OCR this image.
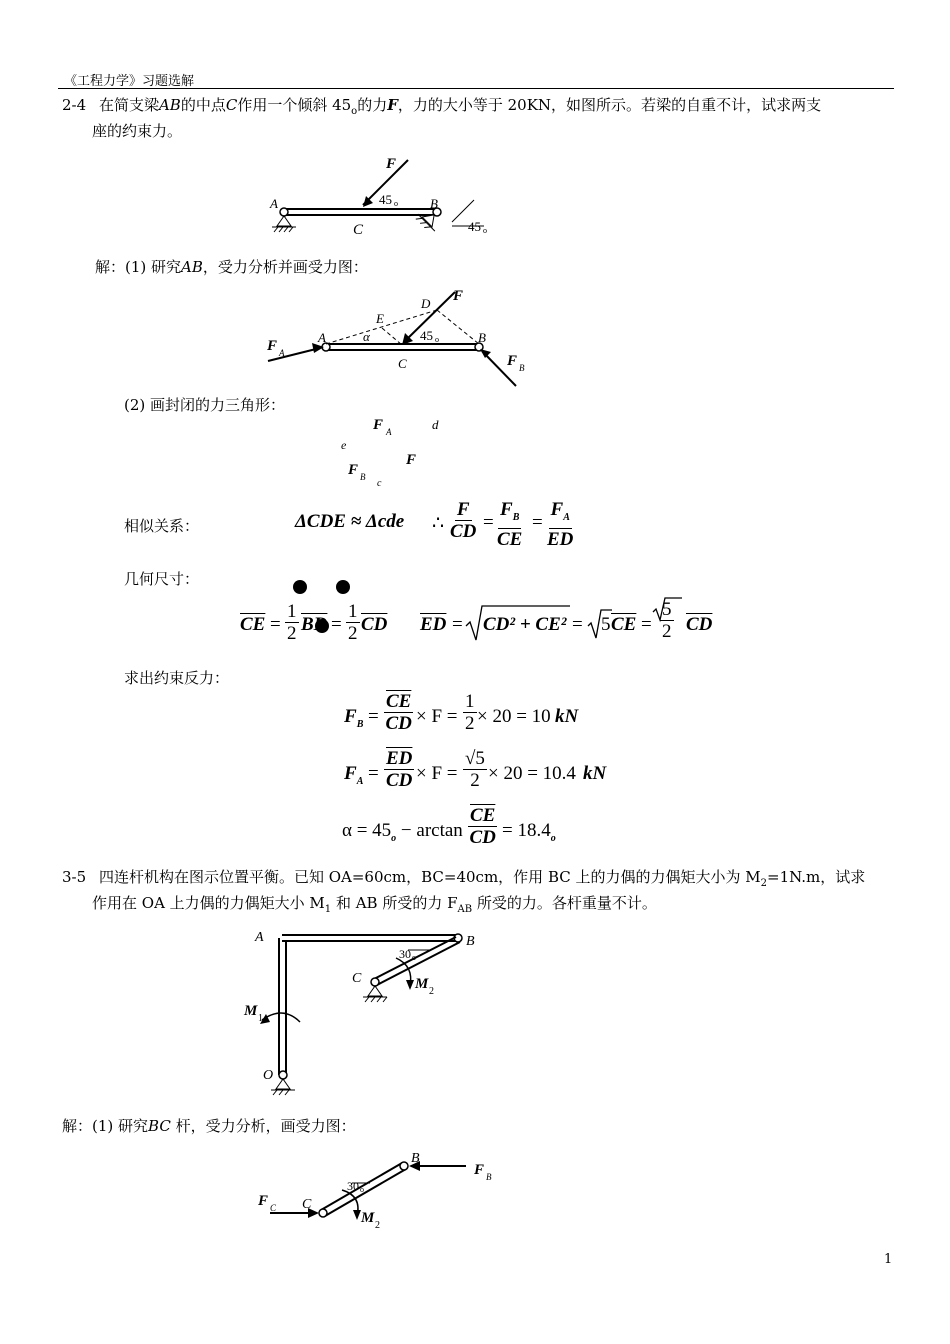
《工程力学》习题选解
2-4 在简支梁AB的中点C作用一个倾斜 $45_o$的力F，力的大小等于 20KN，如图所示。若梁的自重不计，试求两支
座的约束力。
F
A	B
C
45 o
45 o
解：(1) 研究AB，受力分析并画受力图：
F
D
E
α	45 o
A	B
C
F A	F B
(2) 画封闭的力三角形：
F A	d
e
F
F B
c
相似关系：	ΔCDE ≈ Δcde ∴ $\frac{F}{CD} = \frac{F_B}{CE} = \frac{F_A}{ED}$
几何尺寸：
$\overline{CE} = \frac{1}{2} \overline{BD} = \frac{1}{2} \overline{CD}$ $\overline{ED} = CD^2 + CE^2 = 5$ $\overline{CE} = \frac{5}{2} \overline{CD}$
求出约束反力：
$F_B = \frac{\overline{CE}}{CD} \times F = \frac{1}{2} \times 20 = 10$ kN
$F_A = \frac{\overline{ED}}{CD} \times F = \frac{√5}{2} \times 20 = 10.4$ kN
$\alpha = 45_o - \arctan \frac{\overline{CE}}{CD} = 18.4_o$
3-5 四连杆机构在图示位置平衡。已知 OA=60cm，BC=40cm，作用 BC 上的力偶的力偶矩大小为 $M_2=1N.m$，试求
作用在 OA 上力偶的力偶矩大小 $M_1$ 和 AB 所受的力 $F_{AB}$ 所受的力。各杆重量不计。
A	B
C
O
30 o
M 1
M 2
解：(1) 研究BC 杆，受力分析，画受力图：
B
C
F B
F C
30 o
M 2
1
